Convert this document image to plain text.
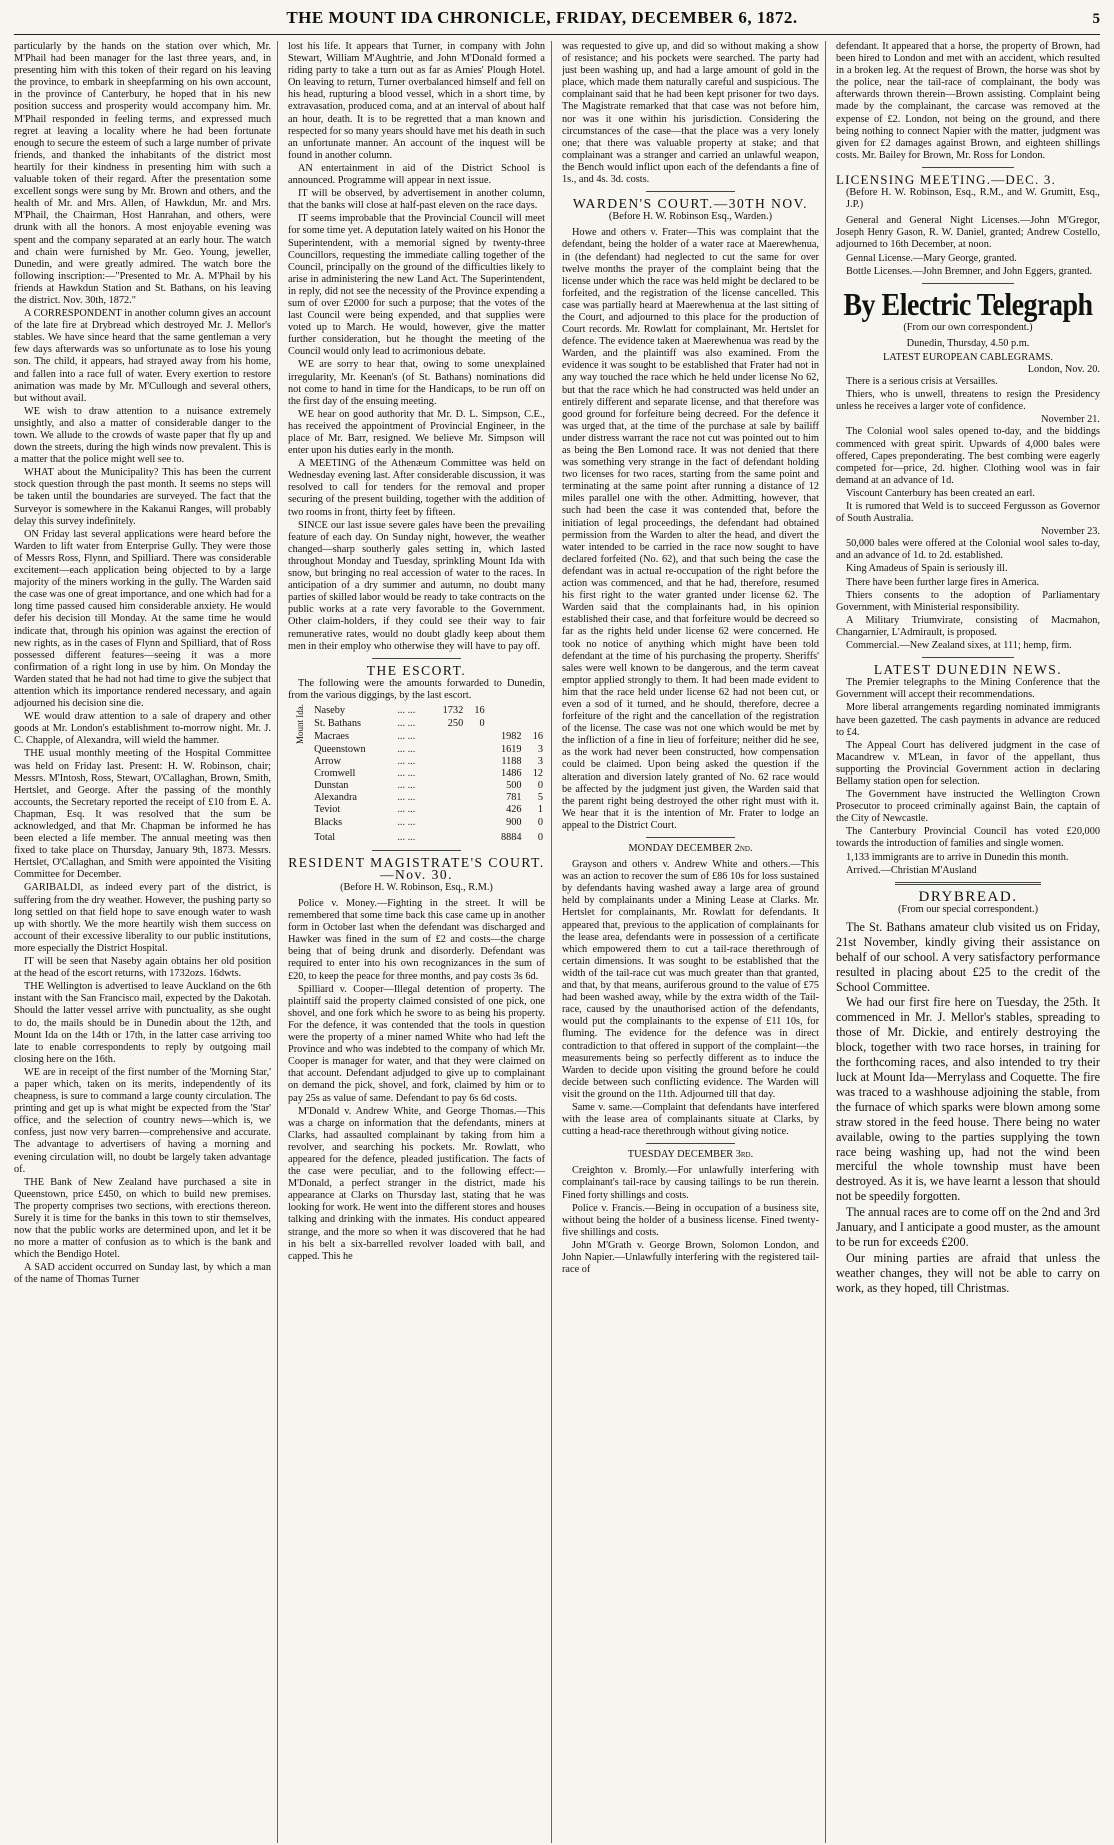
THE MOUNT IDA CHRONICLE, FRIDAY, DECEMBER 6, 1872.	5

particularly by the hands on the station over which, Mr. M'Phail had been manager for the last three years, and, in presenting him with this token of their regard on his leaving the province, to embark in sheepfarming on his own account, in the province of Canterbury, he hoped that in his new position success and prosperity would accompany him. Mr. M'Phail responded in feeling terms, and expressed much regret at leaving a locality where he had been fortunate enough to secure the esteem of such a large number of private friends, and thanked the inhabitants of the district most heartily for their kindness in presenting him with such a valuable token of their regard. After the presentation some excellent songs were sung by Mr. Brown and others, and the health of Mr. and Mrs. Allen, of Hawkdun, Mr. and Mrs. M'Phail, the Chairman, Host Hanrahan, and others, were drunk with all the honors. A most enjoyable evening was spent and the company separated at an early hour. The watch and chain were furnished by Mr. Geo. Young, jeweller, Dunedin, and were greatly admired. The watch bore the following inscription:—"Presented to Mr. A. M'Phail by his friends at Hawkdun Station and St. Bathans, on his leaving the district. Nov. 30th, 1872."

A CORRESPONDENT in another column gives an account of the late fire at Drybread which destroyed Mr. J. Mellor's stables. We have since heard that the same gentleman a very few days afterwards was so unfortunate as to lose his young son. The child, it appears, had strayed away from his home, and fallen into a race full of water. Every exertion to restore animation was made by Mr. M'Cullough and several others, but without avail.

WE wish to draw attention to a nuisance extremely unsightly, and also a matter of considerable danger to the town. We allude to the crowds of waste paper that fly up and down the streets, during the high winds now prevalent. This is a matter that the police might well see to.

WHAT about the Municipality? This has been the current stock question through the past month. It seems no steps will be taken until the boundaries are surveyed. The fact that the Surveyor is somewhere in the Kakanui Ranges, will probably delay this survey indefinitely.

ON Friday last several applications were heard before the Warden to lift water from Enterprise Gully. They were those of Messrs Ross, Flynn, and Spilliard. There was considerable excitement—each application being objected to by a large majority of the miners working in the gully. The Warden said the case was one of great importance, and one which had for a long time passed caused him considerable anxiety. He would defer his decision till Monday. At the same time he would indicate that, through his opinion was against the erection of new rights, as in the cases of Flynn and Spilliard, that of Ross possessed different features—seeing it was a more confirmation of a right long in use by him. On Monday the Warden stated that he had not had time to give the subject that attention which its importance rendered necessary, and again adjourned his decision sine die.

WE would draw attention to a sale of drapery and other goods at Mr. London's establishment to-morrow night. Mr. J. C. Chapple, of Alexandra, will wield the hammer.

THE usual monthly meeting of the Hospital Committee was held on Friday last. Present: H. W. Robinson, chair; Messrs. M'Intosh, Ross, Stewart, O'Callaghan, Brown, Smith, Hertslet, and George. After the passing of the monthly accounts, the Secretary reported the receipt of £10 from E. A. Chapman, Esq. It was resolved that the sum be acknowledged, and that Mr. Chapman be informed he has been elected a life member. The annual meeting was then fixed to take place on Thursday, January 9th, 1873. Messrs. Hertslet, O'Callaghan, and Smith were appointed the Visiting Committee for December.

GARIBALDI, as indeed every part of the district, is suffering from the dry weather. However, the pushing party so long settled on that field hope to save enough water to wash up with shortly. We the more heartily wish them success on account of their excessive liberality to our public institutions, more especially the District Hospital.

IT will be seen that Naseby again obtains her old position at the head of the escort returns, with 1732ozs. 16dwts.

THE Wellington is advertised to leave Auckland on the 6th instant with the San Francisco mail, expected by the Dakotah. Should the latter vessel arrive with punctuality, as she ought to do, the mails should be in Dunedin about the 12th, and Mount Ida on the 14th or 17th, in the latter case arriving too late to enable correspondents to reply by outgoing mail closing here on the 16th.

WE are in receipt of the first number of the 'Morning Star,' a paper which, taken on its merits, independently of its cheapness, is sure to command a large county circulation. The printing and get up is what might be expected from the 'Star' office, and the selection of country news—which is, we confess, just now very barren—comprehensive and accurate. The advantage to advertisers of having a morning and evening circulation will, no doubt be largely taken advantage of.

THE Bank of New Zealand have purchased a site in Queenstown, price £450, on which to build new premises. The property comprises two sections, with erections thereon. Surely it is time for the banks in this town to stir themselves, now that the public works are determined upon, and let it be no more a matter of confusion as to which is the bank and which the Bendigo Hotel.

A SAD accident occurred on Sunday last, by which a man of the name of Thomas Turner

lost his life. It appears that Turner, in company with John Stewart, William M'Aughtrie, and John M'Donald formed a riding party to take a turn out as far as Amies' Plough Hotel. On leaving to return, Turner overbalanced himself and fell on his head, rupturing a blood vessel, which in a short time, by extravasation, produced coma, and at an interval of about half an hour, death. It is to be regretted that a man known and respected for so many years should have met his death in such an unfortunate manner. An account of the inquest will be found in another column.

AN entertainment in aid of the District School is announced. Programme will appear in next issue.

IT will be observed, by advertisement in another column, that the banks will close at half-past eleven on the race days.

IT seems improbable that the Provincial Council will meet for some time yet. A deputation lately waited on his Honor the Superintendent, with a memorial signed by twenty-three Councillors, requesting the immediate calling together of the Council, principally on the ground of the difficulties likely to arise in administering the new Land Act. The Superintendent, in reply, did not see the necessity of the Province expending a sum of over £2000 for such a purpose; that the votes of the last Council were being expended, and that supplies were voted up to March. He would, however, give the matter further consideration, but he thought the meeting of the Council would only lead to acrimonious debate.

WE are sorry to hear that, owing to some unexplained irregularity, Mr. Keenan's (of St. Bathans) nominations did not come to hand in time for the Handicaps, to be run off on the first day of the ensuing meeting.

WE hear on good authority that Mr. D. L. Simpson, C.E., has received the appointment of Provincial Engineer, in the place of Mr. Barr, resigned. We believe Mr. Simpson will enter upon his duties early in the month.

A MEETING of the Athenæum Committee was held on Wednesday evening last. After considerable discussion, it was resolved to call for tenders for the removal and proper securing of the present building, together with the addition of two rooms in front, thirty feet by fifteen.

SINCE our last issue severe gales have been the prevailing feature of each day. On Sunday night, however, the weather changed—sharp southerly gales setting in, which lasted throughout Monday and Tuesday, sprinkling Mount Ida with snow, but bringing no real accession of water to the races. In anticipation of a dry summer and autumn, no doubt many parties of skilled labor would be ready to take contracts on the public works at a rate very favorable to the Government. Other claim-holders, if they could see their way to fair remunerative rates, would no doubt gladly keep about them men in their employ who otherwise they will have to pay off.

THE ESCORT.

The following were the amounts forwarded to Dunedin, from the various diggings, by the last escort.

Mount Ida.	Naseby	... ...	1732	16		
	St. Bathans	... ...	250	0		
	Macraes	... ...			1982	16
	Queenstown	... ...			1619	3
	Arrow	... ...			1188	3
	Cromwell	... ...			1486	12
	Dunstan	... ...			500	0
	Alexandra	... ...			781	5
	Teviot	... ...			426	1
	Blacks	... ...			900	0
	Total	... ...			8884	0
RESIDENT MAGISTRATE'S COURT.—Nov. 30.
(Before H. W. Robinson, Esq., R.M.)

Police v. Money.—Fighting in the street. It will be remembered that some time back this case came up in another form in October last when the defendant was discharged and Hawker was fined in the sum of £2 and costs—the charge being that of being drunk and disorderly. Defendant was required to enter into his own recognizances in the sum of £20, to keep the peace for three months, and pay costs 3s 6d.

Spilliard v. Cooper—Illegal detention of property. The plaintiff said the property claimed consisted of one pick, one shovel, and one fork which he swore to as being his property. For the defence, it was contended that the tools in question were the property of a miner named White who had left the Province and who was indebted to the company of which Mr. Cooper is manager for water, and that they were claimed on that account. Defendant adjudged to give up to complainant on demand the pick, shovel, and fork, claimed by him or to pay 25s as value of same. Defendant to pay 6s 6d costs.

M'Donald v. Andrew White, and George Thomas.—This was a charge on information that the defendants, miners at Clarks, had assaulted complainant by taking from him a revolver, and searching his pockets. Mr. Rowlatt, who appeared for the defence, pleaded justification. The facts of the case were peculiar, and to the following effect:—M'Donald, a perfect stranger in the district, made his appearance at Clarks on Thursday last, stating that he was looking for work. He went into the different stores and houses talking and drinking with the inmates. His conduct appeared strange, and the more so when it was discovered that he had in his belt a six-barrelled revolver loaded with ball, and capped. This he

was requested to give up, and did so without making a show of resistance; and his pockets were searched. The party had just been washing up, and had a large amount of gold in the place, which made them naturally careful and suspicious. The complainant said that he had been kept prisoner for two days. The Magistrate remarked that that case was not before him, nor was it one within his jurisdiction. Considering the circumstances of the case—that the place was a very lonely one; that there was valuable property at stake; and that complainant was a stranger and carried an unlawful weapon, the Bench would inflict upon each of the defendants a fine of 1s., and 4s. 3d. costs.

WARDEN'S COURT.—30TH NOV.
(Before H. W. Robinson Esq., Warden.)

Howe and others v. Frater—This was complaint that the defendant, being the holder of a water race at Maerewhenua, in (the defendant) had neglected to cut the same for over twelve months the prayer of the complaint being that the license under which the race was held might be declared to be forfeited, and the registration of the license cancelled. This case was partially heard at Maerewhenua at the last sitting of the Court, and adjourned to this place for the production of Court records. Mr. Rowlatt for complainant, Mr. Hertslet for defence. The evidence taken at Maerewhenua was read by the Warden, and the plaintiff was also examined. From the evidence it was sought to be established that Frater had not in any way touched the race which he held under license No 62, but that the race which he had constructed was held under an entirely different and separate license, and that therefore was good ground for forfeiture being decreed. For the defence it was urged that, at the time of the purchase at sale by bailiff under distress warrant the race not cut was pointed out to him as being the Ben Lomond race. It was not denied that there was something very strange in the fact of defendant holding two licenses for two races, starting from the same point and terminating at the same point after running a distance of 12 miles parallel one with the other. Admitting, however, that such had been the case it was contended that, before the initiation of legal proceedings, the defendant had obtained permission from the Warden to alter the head, and divert the water intended to be carried in the race now sought to have declared forfeited (No. 62), and that such being the case the defendant was in actual re-occupation of the right before the action was commenced, and that he had, therefore, resumed his first right to the water granted under license 62. The Warden said that the complainants had, in his opinion established their case, and that forfeiture would be decreed so far as the rights held under license 62 were concerned. He took no notice of anything which might have been told defendant at the time of his purchasing the property. Sheriffs' sales were well known to be dangerous, and the term caveat emptor applied strongly to them. It had been made evident to him that the race held under license 62 had not been cut, or even a sod of it turned, and he should, therefore, decree a forfeiture of the right and the cancellation of the registration of the license. The case was not one which would be met by the infliction of a fine in lieu of forfeiture; neither did he see, as the work had never been constructed, how compensation could be claimed. Upon being asked the question if the alteration and diversion lately granted of No. 62 race would be affected by the judgment just given, the Warden said that the parent right being destroyed the other right must with it. We hear that it is the intention of Mr. Frater to lodge an appeal to the District Court.

MONDAY DECEMBER 2nd.

Grayson and others v. Andrew White and others.—This was an action to recover the sum of £86 10s for loss sustained by defendants having washed away a large area of ground held by complainants under a Mining Lease at Clarks. Mr. Hertslet for complainants, Mr. Rowlatt for defendants. It appeared that, previous to the application of complainants for the lease area, defendants were in possession of a certificate which empowered them to cut a tail-race therethrough of certain dimensions. It was sought to be established that the width of the tail-race cut was much greater than that granted, and that, by that means, auriferous ground to the value of £75 had been washed away, while by the extra width of the Tail-race, caused by the unauthorised action of the defendants, would put the complainants to the expense of £11 10s, for fluming. The evidence for the defence was in direct contradiction to that offered in support of the complaint—the measurements being so perfectly different as to induce the Warden to decide upon visiting the ground before he could decide between such conflicting evidence. The Warden will visit the ground on the 11th. Adjourned till that day.

Same v. same.—Complaint that defendants have interfered with the lease area of complainants situate at Clarks, by cutting a head-race therethrough without giving notice.

TUESDAY DECEMBER 3rd.

Creighton v. Bromly.—For unlawfully interfering with complainant's tail-race by causing tailings to be run therein. Fined forty shillings and costs.

Police v. Francis.—Being in occupation of a business site, without being the holder of a business license. Fined twenty-five shillings and costs.

John M'Grath v. George Brown, Solomon London, and John Napier.—Unlawfully interfering with the registered tail-race of

defendant. It appeared that a horse, the property of Brown, had been hired to London and met with an accident, which resulted in a broken leg. At the request of Brown, the horse was shot by the police, near the tail-race of complainant, the body was afterwards thrown therein—Brown assisting. Complaint being made by the complainant, the carcase was removed at the expense of £2. London, not being on the ground, and there being nothing to connect Napier with the matter, judgment was given for £2 damages against Brown, and eighteen shillings costs. Mr. Bailey for Brown, Mr. Ross for London.

LICENSING MEETING.—DEC. 3.
(Before H. W. Robinson, Esq., R.M., and W. Grumitt, Esq., J.P.)

General and General Night Licenses.—John M'Gregor, Joseph Henry Gason, R. W. Daniel, granted; Andrew Costello, adjourned to 16th December, at noon.

Gennal License.—Mary George, granted.

Bottle Licenses.—John Bremner, and John Eggers, granted.

By Electric Telegraph
(From our own correspondent.)
Dunedin, Thursday, 4.50 p.m.
LATEST EUROPEAN CABLEGRAMS.
London, Nov. 20.

There is a serious crisis at Versailles.

Thiers, who is unwell, threatens to resign the Presidency unless he receives a larger vote of confidence.

November 21.

The Colonial wool sales opened to-day, and the biddings commenced with great spirit. Upwards of 4,000 bales were offered, Capes preponderating. The best combing were eagerly competed for—price, 2d. higher. Clothing wool was in fair demand at an advance of 1d.

Viscount Canterbury has been created an earl.

It is rumored that Weld is to succeed Fergusson as Governor of South Australia.

November 23.

50,000 bales were offered at the Colonial wool sales to-day, and an advance of 1d. to 2d. established.

King Amadeus of Spain is seriously ill.

There have been further large fires in America.

Thiers consents to the adoption of Parliamentary Government, with Ministerial responsibility.

A Military Triumvirate, consisting of Macmahon, Changarnier, L'Admirault, is proposed.

Commercial.—New Zealand sixes, at 111; hemp, firm.

LATEST DUNEDIN NEWS.

The Premier telegraphs to the Mining Conference that the Government will accept their recommendations.

More liberal arrangements regarding nominated immigrants have been gazetted. The cash payments in advance are reduced to £4.

The Appeal Court has delivered judgment in the case of Macandrew v. M'Lean, in favor of the appellant, thus supporting the Provincial Government action in declaring Bellamy station open for selection.

The Government have instructed the Wellington Crown Prosecutor to proceed criminally against Bain, the captain of the City of Newcastle.

The Canterbury Provincial Council has voted £20,000 towards the introduction of families and single women.

1,133 immigrants are to arrive in Dunedin this month.

Arrived.—Christian M'Ausland

DRYBREAD.
(From our special correspondent.)

The St. Bathans amateur club visited us on Friday, 21st November, kindly giving their assistance on behalf of our school. A very satisfactory performance resulted in placing about £25 to the credit of the School Committee.

We had our first fire here on Tuesday, the 25th. It commenced in Mr. J. Mellor's stables, spreading to those of Mr. Dickie, and entirely destroying the block, together with two race horses, in training for the forthcoming races, and also intended to try their luck at Mount Ida—Merrylass and Coquette. The fire was traced to a washhouse adjoining the stable, from the furnace of which sparks were blown among some straw stored in the feed house. There being no water available, owing to the parties supplying the town race being washing up, had not the wind been merciful the whole township must have been destroyed. As it is, we have learnt a lesson that should not be speedily forgotten.

The annual races are to come off on the 2nd and 3rd January, and I anticipate a good muster, as the amount to be run for exceeds £200.

Our mining parties are afraid that unless the weather changes, they will not be able to carry on work, as they hoped, till Christmas.
